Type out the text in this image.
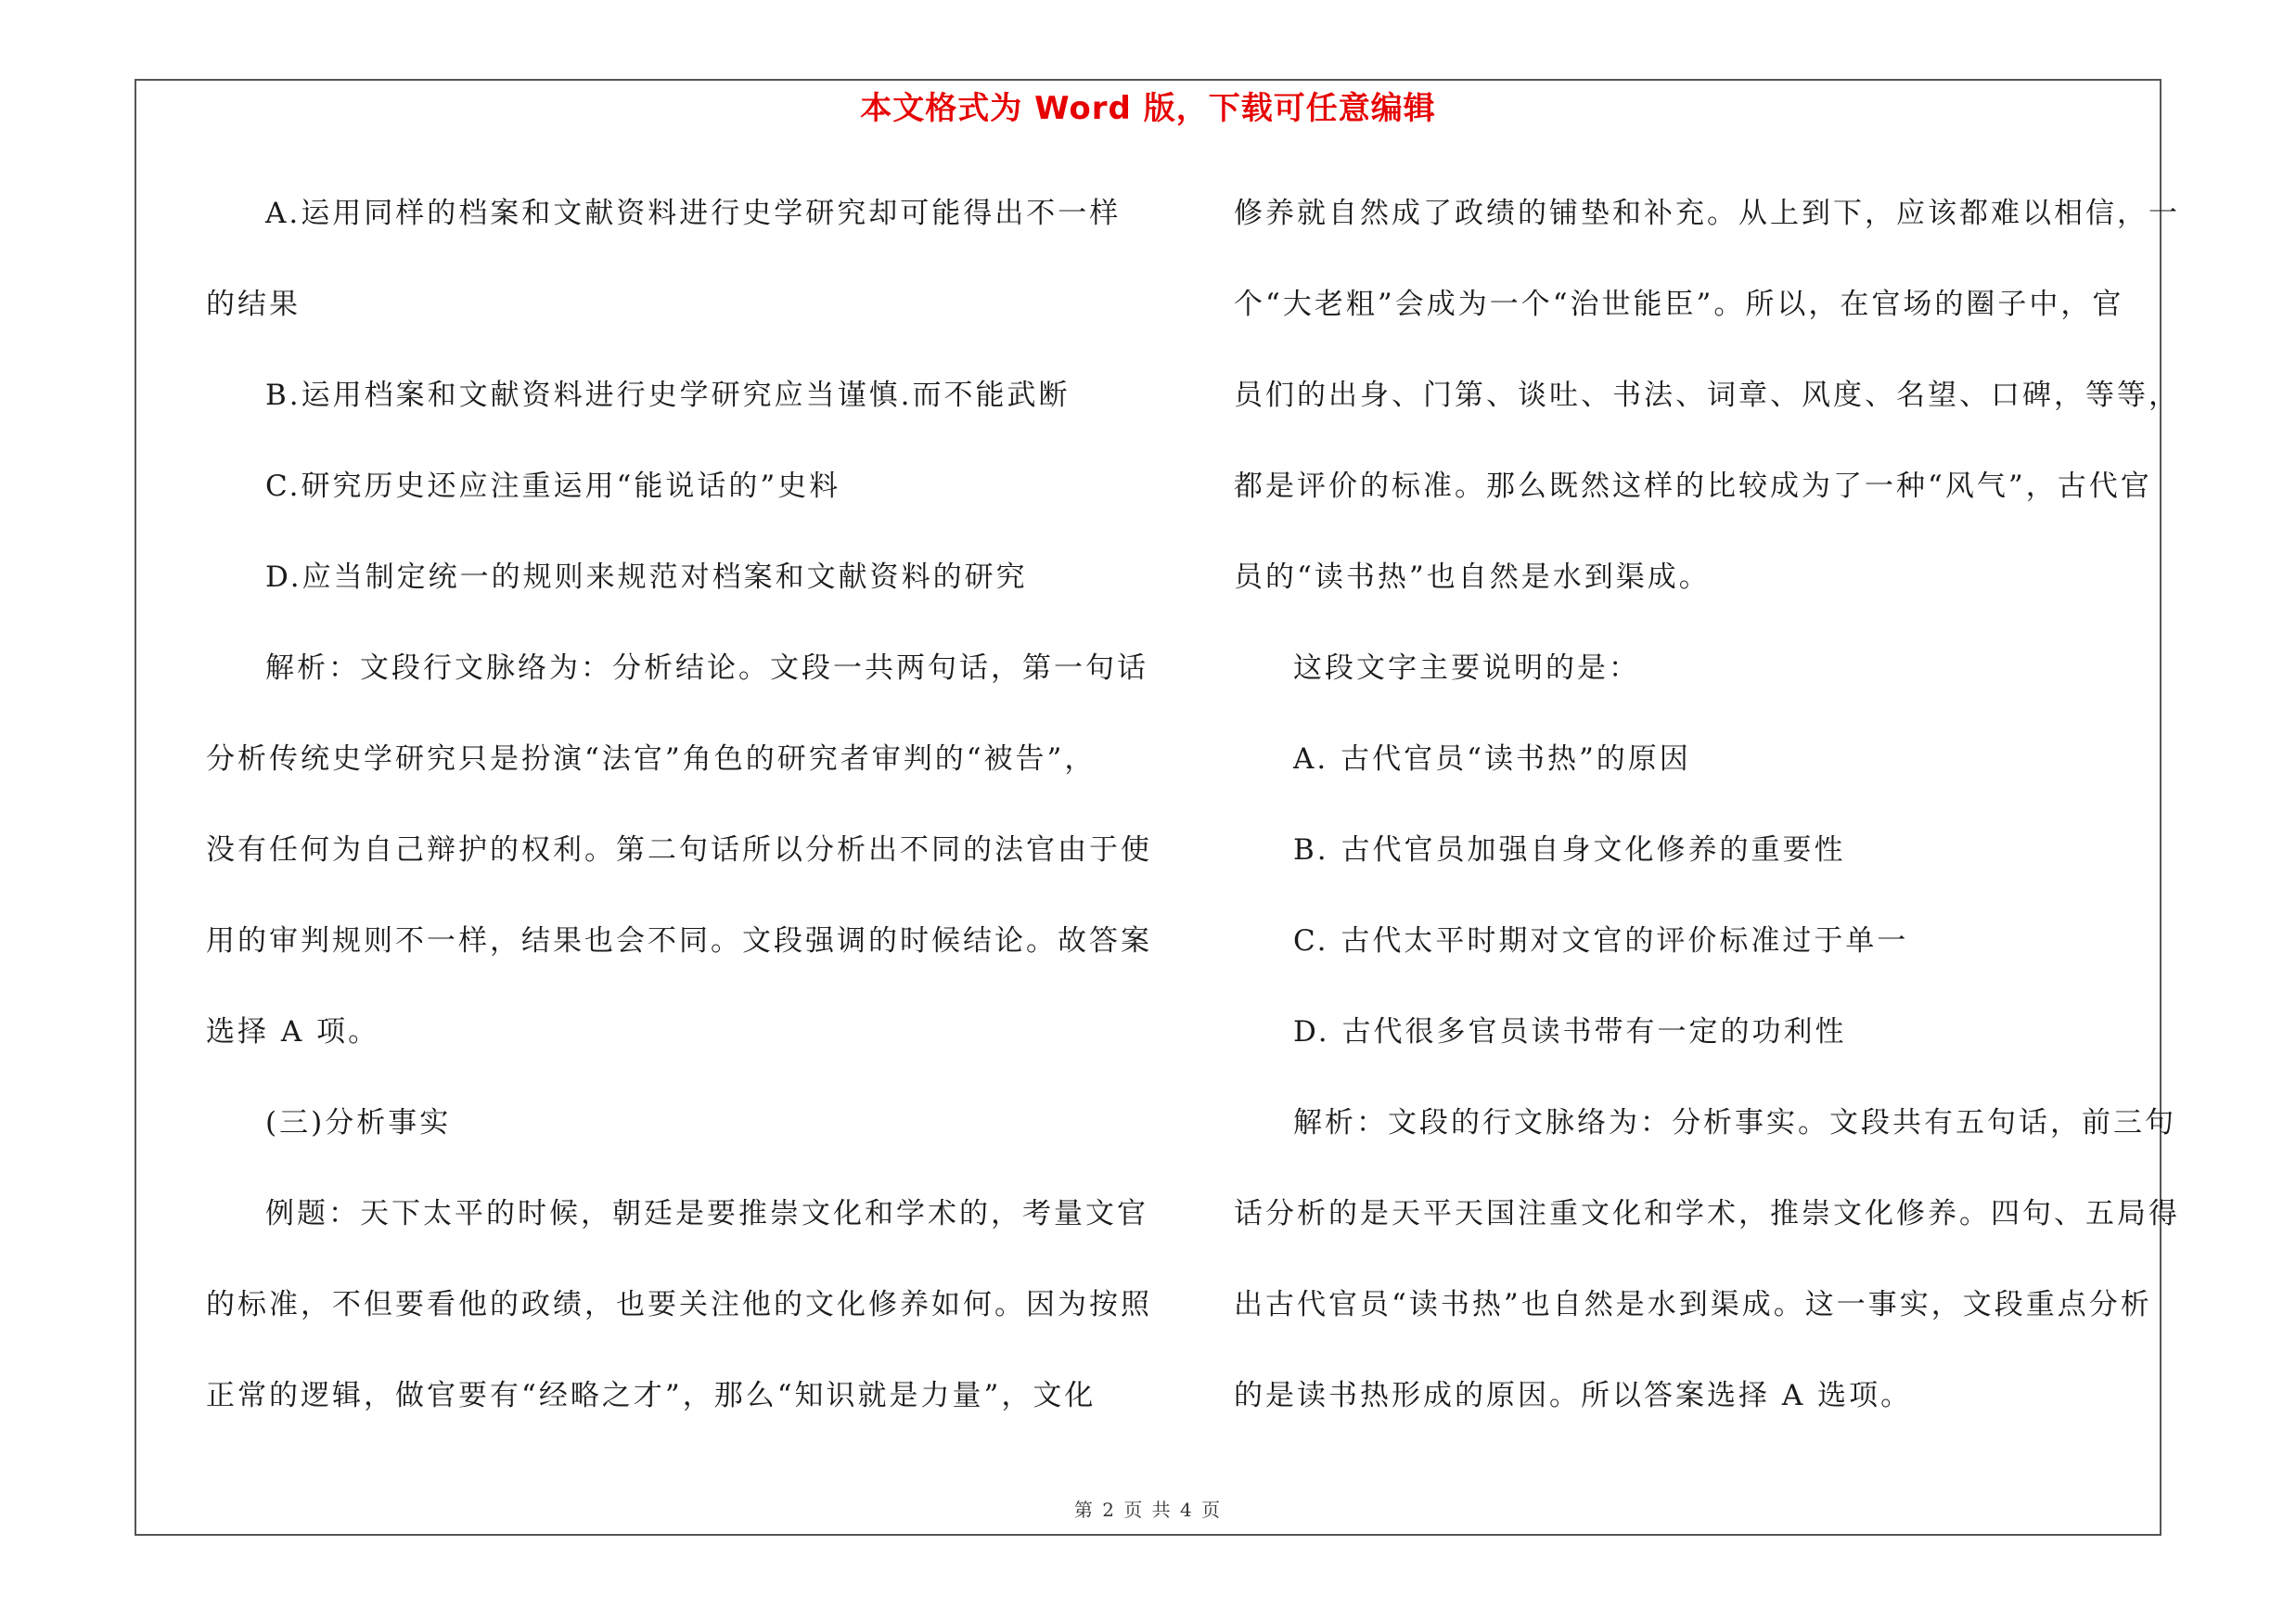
本文格式为 Word 版，下载可任意编辑
A.运用同样的档案和文献资料进行史学研究却可能得出不一样
的结果
B.运用档案和文献资料进行史学研究应当谨慎.而不能武断
C.研究历史还应注重运用“能说话的”史料
D.应当制定统一的规则来规范对档案和文献资料的研究
解析：文段行文脉络为：分析结论。文段一共两句话，第一句话
分析传统史学研究只是扮演“法官”角色的研究者审判的“被告”，
没有任何为自己辩护的权利。第二句话所以分析出不同的法官由于使
用的审判规则不一样，结果也会不同。文段强调的时候结论。故答案
选择 A 项。
(三)分析事实
例题：天下太平的时候，朝廷是要推崇文化和学术的，考量文官
的标准，不但要看他的政绩，也要关注他的文化修养如何。因为按照
正常的逻辑，做官要有“经略之才”，那么“知识就是力量”，文化
修养就自然成了政绩的铺垫和补充。从上到下，应该都难以相信，一
个“大老粗”会成为一个“治世能臣”。所以，在官场的圈子中，官
员们的出身、门第、谈吐、书法、词章、风度、名望、口碑，等等，
都是评价的标准。那么既然这样的比较成为了一种“风气”，古代官
员的“读书热”也自然是水到渠成。
这段文字主要说明的是：
A. 古代官员“读书热”的原因
B. 古代官员加强自身文化修养的重要性
C. 古代太平时期对文官的评价标准过于单一
D. 古代很多官员读书带有一定的功利性
解析：文段的行文脉络为：分析事实。文段共有五句话，前三句
话分析的是天平天国注重文化和学术，推崇文化修养。四句、五局得
出古代官员“读书热”也自然是水到渠成。这一事实，文段重点分析
的是读书热形成的原因。所以答案选择 A 选项。
第 2 页 共 4 页
